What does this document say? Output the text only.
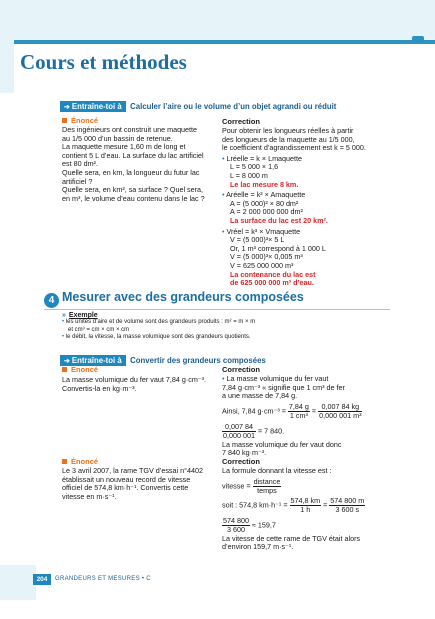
Cours et méthodes
➔ Entraîne-toi à Calculer l’aire ou le volume d’un objet agrandi ou réduit
Énoncé
Des ingénieurs ont construit une maquette
au 1/5 000 d’un bassin de retenue.
La maquette mesure 1,60 m de long et
contient 5 L d’eau. La surface du lac artificiel
est 80 dm².
Quelle sera, en km, la longueur du futur lac
artificiel ?
Quelle sera, en km², sa surface ? Quel sera,
en m³, le volume d’eau contenu dans le lac ?
Correction
Pour obtenir les longueurs réelles à partir
des longueurs de la maquette au 1/5 000,
le coefficient d’agrandissement est k = 5 000.
• Lréelle = k × Lmaquette
L = 5 000 × 1,6
L = 8 000 m
Le lac mesure 8 km.
• Aréelle = k² × Amaquette
A = (5 000)² × 80 dm²
A = 2 000 000 000 dm²
La surface du lac est 20 km².
• Vréel = k³ × Vmaquette
V = (5 000)³× 5 L
Or, 1 m³ correspond à 1 000 L
V = (5 000)³× 0,005 m³
V = 625 000 000 m³
La contenance du lac est
de 625 000 000 m³ d’eau.
4 Mesurer avec des grandeurs composées
» Exemple
• les unités d’aire et de volume sont des grandeurs produits : m² = m × m
et cm³ = cm × cm × cm
• le débit, la vitesse, la masse volumique sont des grandeurs quotients.
➔ Entraîne-toi à Convertir des grandeurs composées
Énoncé
La masse volumique du fer vaut 7,84 g·cm⁻³.
Convertis-la en kg·m⁻³.
Correction
• La masse volumique du fer vaut
7,84 g·cm⁻³ « signifie que 1 cm³ de fer
a une masse de 7,84 g.
Ainsi, 7,84 $g\cdot cm^{-3} = \frac{7,84 g}{\text{1 cm³}} = \frac{0,007 84 kg}{\text{0,000 001 m³}}$
$\frac{0,007 84}{0,000 001} = 7$ 840.
La masse volumique du fer vaut donc
7 840 kg·m⁻³.
Énoncé
Le 3 avril 2007, la rame TGV d’essai n°4402
établissait un nouveau record de vitesse
officiel de 574,8 km·h⁻¹. Convertis cette
vitesse en m·s⁻¹.
Correction
La formule donnant la vitesse est :
vitesse = $\frac{\text{distance}}{\text{temps}}$
soit : 574,8 $km\cdot h^{-1} = \frac{574,8 km}{1 h} = \frac{574 800 m}{3 600 s}$
$\frac{574 800}{3 600} \approx 159,7$
La vitesse de cette rame de TGV était alors
d’environ 159,7 m·s⁻¹.
204	GRANDEURS ET MESURES • C
